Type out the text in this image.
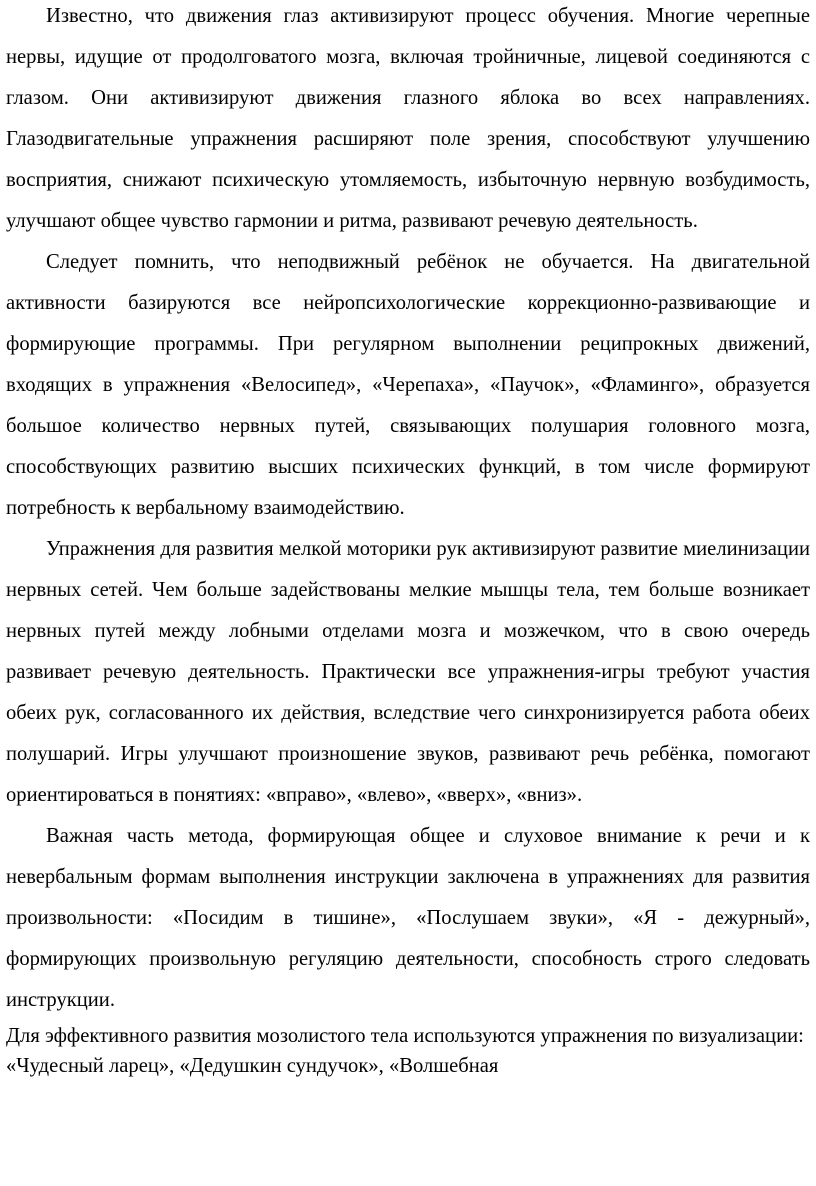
Известно, что движения глаз активизируют процесс обучения. Многие черепные нервы, идущие от продолговатого мозга, включая тройничные, лицевой соединяются с глазом. Они активизируют движения глазного яблока во всех направлениях. Глазодвигательные упражнения расширяют поле зрения, способствуют улучшению восприятия, снижают психическую утомляемость, избыточную нервную возбудимость, улучшают общее чувство гармонии и ритма, развивают речевую деятельность.

Следует помнить, что неподвижный ребёнок не обучается. На двигательной активности базируются все нейропсихологические коррекционно-развивающие и формирующие программы. При регулярном выполнении реципрокных движений, входящих в упражнения «Велосипед», «Черепаха», «Паучок», «Фламинго», образуется большое количество нервных путей, связывающих полушария головного мозга, способствующих развитию высших психических функций, в том числе формируют потребность к вербальному взаимодействию.

Упражнения для развития мелкой моторики рук активизируют развитие миелинизации нервных сетей. Чем больше задействованы мелкие мышцы тела, тем больше возникает нервных путей между лобными отделами мозга и мозжечком, что в свою очередь развивает речевую деятельность. Практически все упражнения-игры требуют участия обеих рук, согласованного их действия, вследствие чего синхронизируется работа обеих полушарий. Игры улучшают произношение звуков, развивают речь ребёнка, помогают ориентироваться в понятиях: «вправо», «влево», «вверх», «вниз».

Важная часть метода, формирующая общее и слуховое внимание к речи и к невербальным формам выполнения инструкции заключена в упражнениях для развития произвольности: «Посидим в тишине», «Послушаем звуки», «Я - дежурный», формирующих произвольную регуляцию деятельности, способность строго следовать инструкции.

Для эффективного развития мозолистого тела используются упражнения по визуализации: «Чудесный ларец», «Дедушкин сундучок», «Волшебная
